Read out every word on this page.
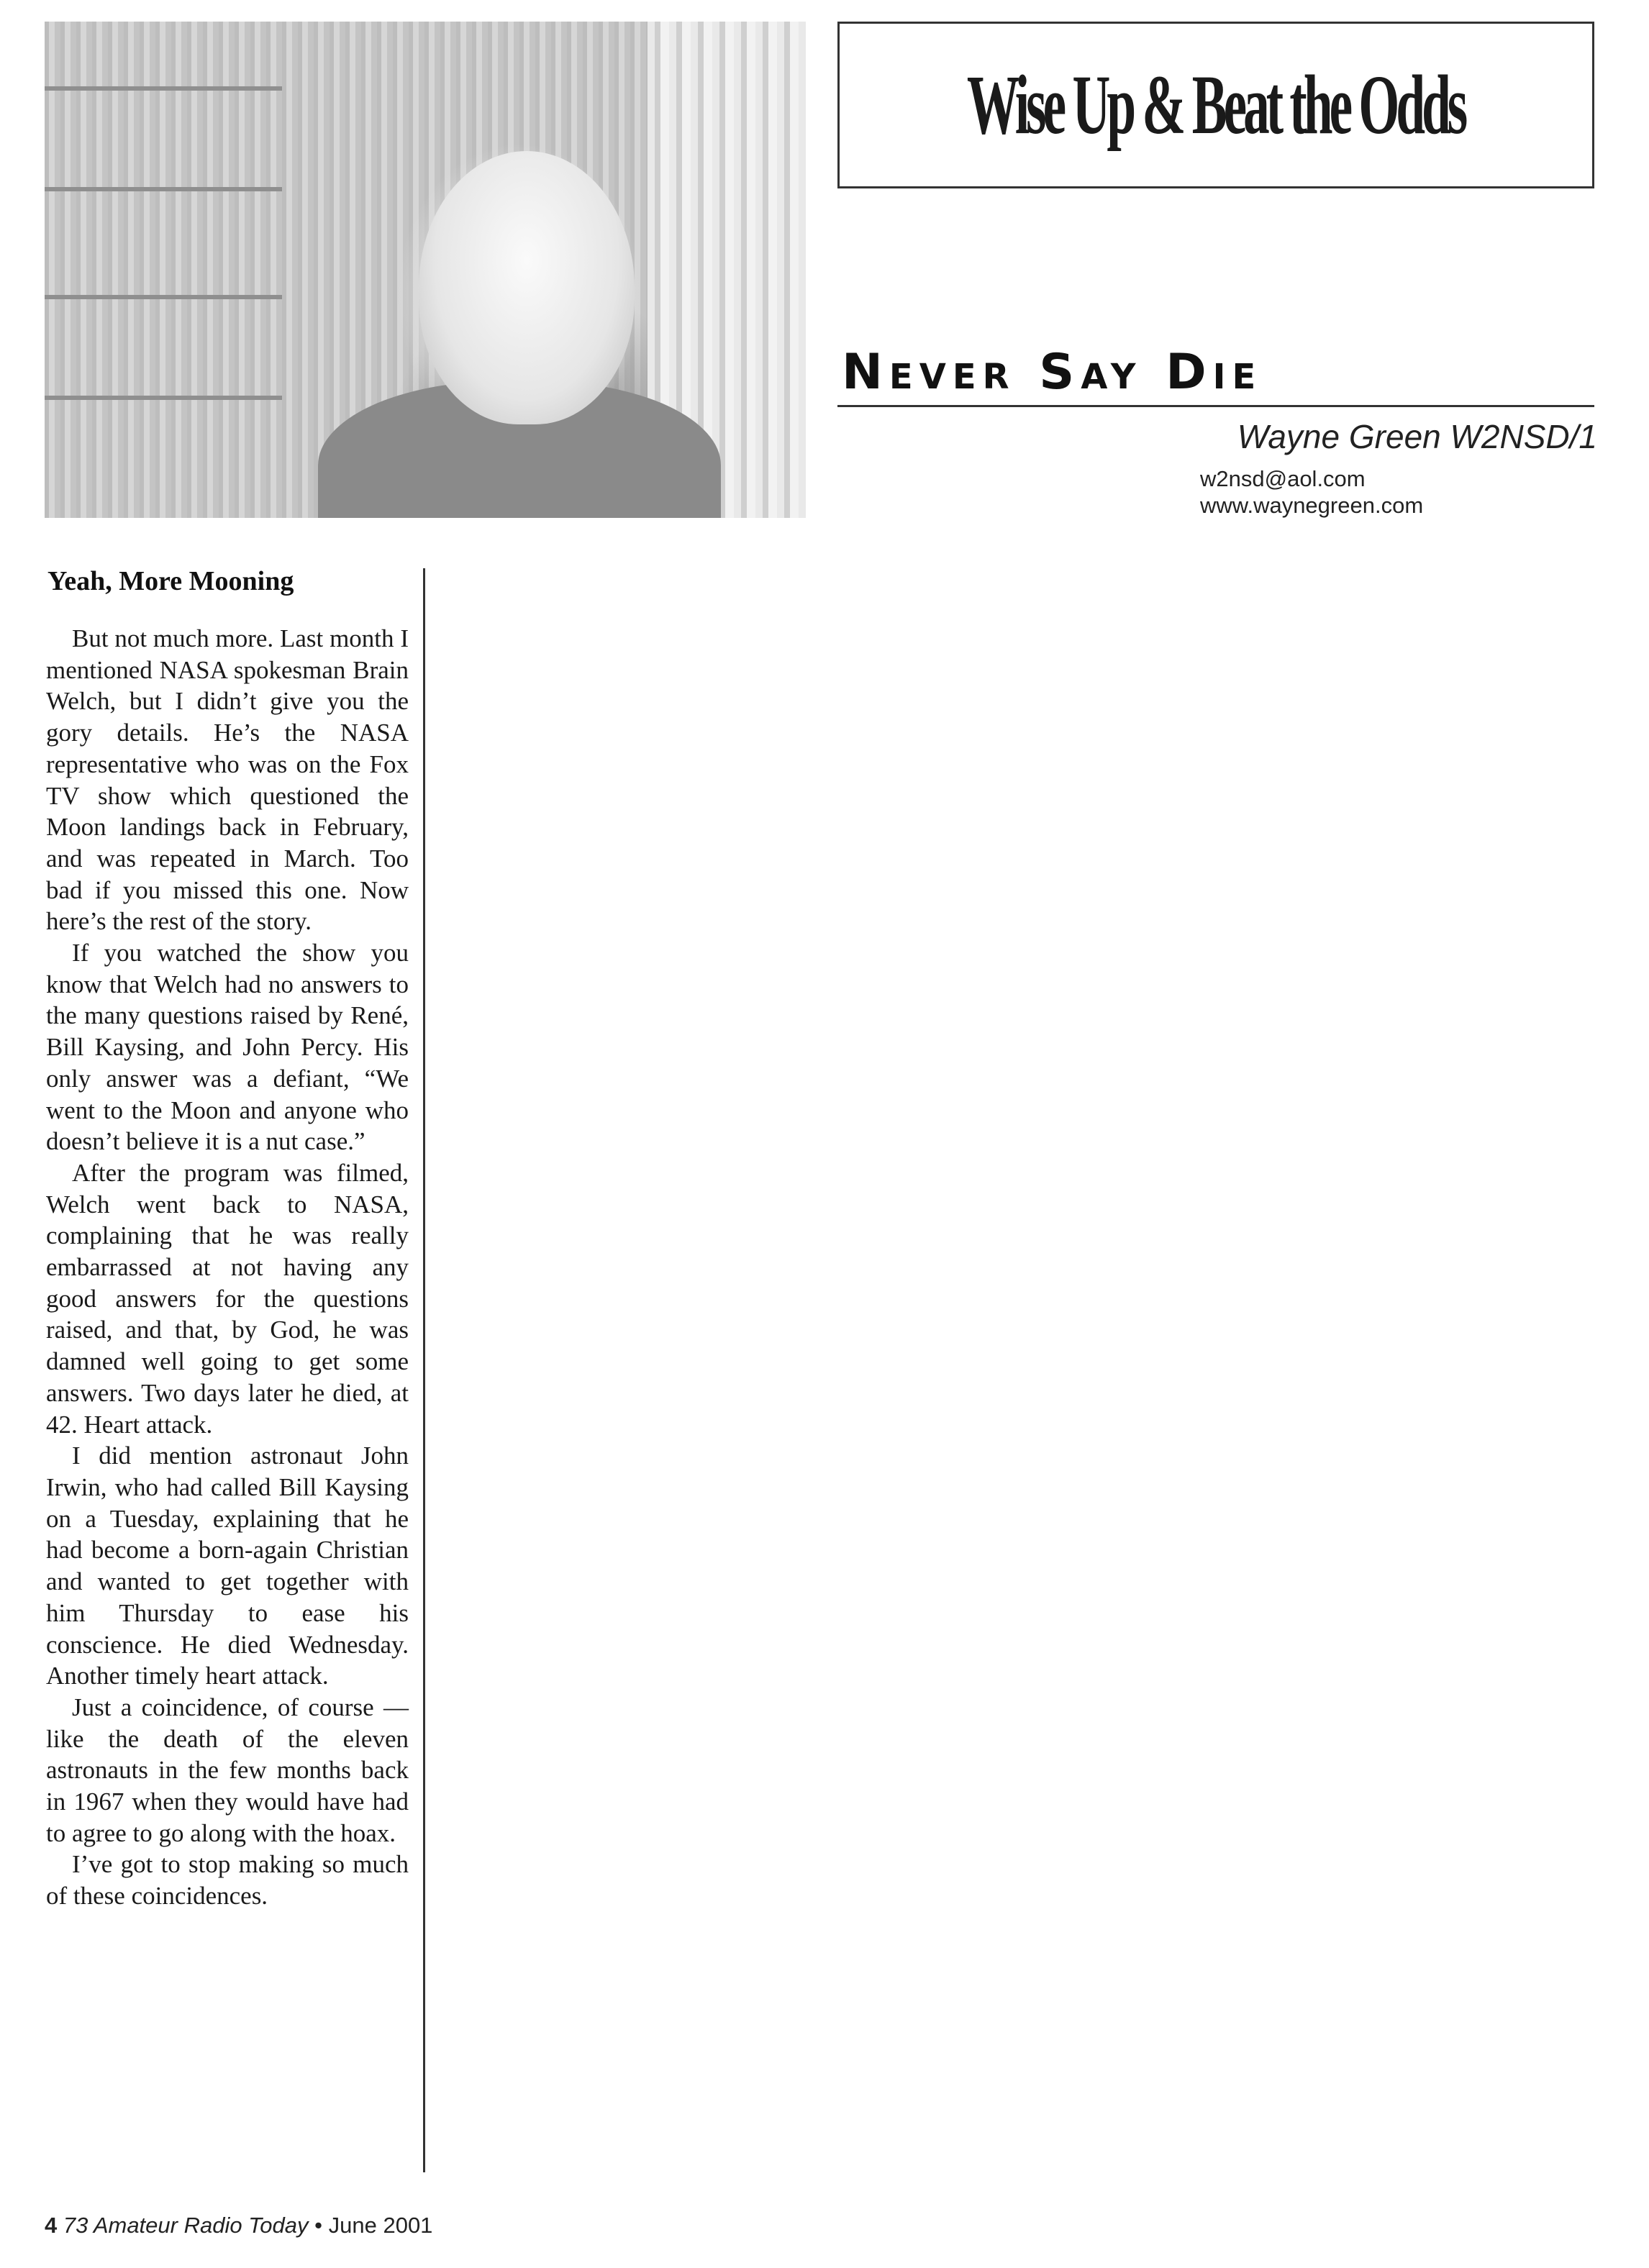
Wise Up & Beat the Odds
Never Say Die
Wayne Green W2NSD/1
w2nsd@aol.com
www.waynegreen.com
Yeah, More Mooning

But not much more. Last month I mentioned NASA spokesman Brain Welch, but I didn’t give you the gory details. He’s the NASA representative who was on the Fox TV show which questioned the Moon landings back in February, and was repeated in March. Too bad if you missed this one. Now here’s the rest of the story.

If you watched the show you know that Welch had no answers to the many questions raised by René, Bill Kaysing, and John Percy. His only answer was a defiant, “We went to the Moon and anyone who doesn’t believe it is a nut case.”

After the program was filmed, Welch went back to NASA, complaining that he was really embarrassed at not having any good answers for the questions raised, and that, by God, he was damned well going to get some answers. Two days later he died, at 42. Heart attack.

I did mention astronaut John Irwin, who had called Bill Kaysing on a Tuesday, explaining that he had become a born-again Christian and wanted to get together with him Thursday to ease his conscience. He died Wednesday. Another timely heart attack.

Just a coincidence, of course — like the death of the eleven astronauts in the few months back in 1967 when they would have had to agree to go along with the hoax.

I’ve got to stop making so much of these coincidences.

4 73 Amateur Radio Today • June 2001
